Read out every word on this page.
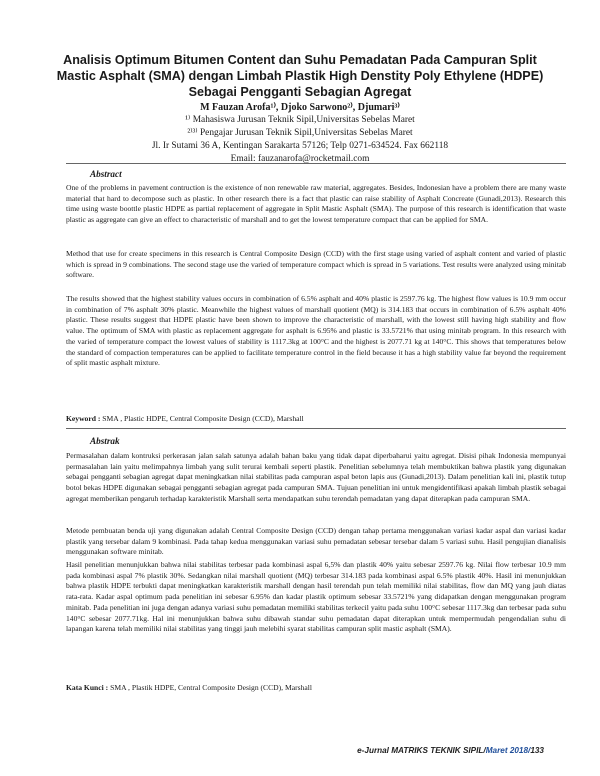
Analisis Optimum Bitumen Content dan Suhu Pemadatan Pada Campuran Split Mastic Asphalt (SMA) dengan Limbah Plastik High Denstity Poly Ethylene (HDPE) Sebagai Pengganti Sebagian Agregat
M Fauzan Arofa¹⁾, Djoko Sarwono²⁾, Djumari³⁾
¹⁾ Mahasiswa Jurusan Teknik Sipil,Universitas Sebelas Maret
²⁾³⁾ Pengajar Jurusan Teknik Sipil,Universitas Sebelas Maret
Jl. Ir Sutami 36 A, Kentingan Sarakarta 57126; Telp 0271-634524. Fax 662118
Email: fauzanarofa@rocketmail.com
Abstract

One of the problems in pavement contruction is the existence of non renewable raw material, aggregates. Besides, Indonesian have a problem there are many waste material that hard to decompose such as plastic. In other research there is a fact that plastic can raise stability of Asphalt Concreate (Gunadi,2013). Research this time using waste boottle plastic HDPE as partial replacement of aggregate in Split Mastic Asphalt (SMA). The purpose of this research is identification that waste plastic as aggregate can give an effect to characteristic of marshall and to get the lowest temperature compact that can be applied for SMA.

Method that use for create specimens in this research is Central Composite Design (CCD) with the first stage using varied of asphalt content and varied of plastic which is spread in 9 combinations. The second stage use the varied of temperature compact which is spread in 5 variations. Test results were analyzed using minitab software.

The results showed that the highest stability values occurs in combination of 6.5% asphalt and 40% plastic is 2597.76 kg. The highest flow values is 10.9 mm occur in combination of 7% asphalt 30% plastic. Meanwhile the highest values of marshall quotient (MQ) is 314.183 that occurs in combination of 6.5% asphalt 40% plastic. These results suggest that HDPE plastic have been shown to improve the characteristic of marshall, with the lowest still having high stability and flow value. The optimum of SMA with plastic as replacement aggregate for asphalt is 6.95% and plastic is 33.5721% that using minitab program. In this research with the varied of temperature compact the lowest values of stability is 1117.3kg at 100°C and the highest is 2077.71 kg at 140°C. This shows that temperatures below the standard of compaction temperatures can be applied to facilitate temperature control in the field because it has a high stability value far beyond the requirement of split mastic asphalt mixture.

Keyword : SMA , Plastic HDPE, Central Composite Design (CCD), Marshall

Abstrak

Permasalahan dalam kontruksi perkerasan jalan salah satunya adalah bahan baku yang tidak dapat diperbaharui yaitu agregat. Disisi pihak Indonesia mempunyai permasalahan lain yaitu melimpahnya limbah yang sulit terurai kembali seperti plastik. Penelitian sebelumnya telah membuktikan bahwa plastik yang digunakan sebagai pengganti sebagian agregat dapat meningkatkan nilai stabilitas pada campuran aspal beton lapis aus (Gunadi,2013). Dalam penelitian kali ini, plastik tutup botol bekas HDPE digunakan sebagai pengganti sebagian agregat pada campuran SMA. Tujuan penelitian ini untuk mengidentifikasi apakah limbah plastik sebagai agregat memberikan pengaruh terhadap karakteristik Marshall serta mendapatkan suhu terendah pemadatan yang dapat diterapkan pada campuran SMA.

Metode pembuatan benda uji yang digunakan adalah Central Composite Design (CCD) dengan tahap pertama menggunakan variasi kadar aspal dan variasi kadar plastik yang tersebar dalam 9 kombinasi. Pada tahap kedua menggunakan variasi suhu pemadatan sebesar tersebar dalam 5 variasi suhu. Hasil pengujian dianalisis menggunakan software minitab.

Hasil penelitian menunjukkan bahwa nilai stabilitas terbesar pada kombinasi aspal 6,5% dan plastik 40% yaitu sebesar 2597.76 kg. Nilai flow terbesar 10.9 mm pada kombinasi aspal 7% plastik 30%. Sedangkan nilai marshall quotient (MQ) terbesar 314.183 pada kombinasi aspal 6.5% plastik 40%. Hasil ini menunjukkan bahwa plastik HDPE terbukti dapat meningkatkan karakteristik marshall dengan hasil terendah pun telah memiliki nilai stabilitas, flow dan MQ yang jauh diatas rata-rata. Kadar aspal optimum pada penelitian ini sebesar 6.95% dan kadar plastik optimum sebesar 33.5721% yang didapatkan dengan menggunakan program minitab. Pada penelitian ini juga dengan adanya variasi suhu pemadatan memiliki stabilitas terkecil yaitu pada suhu 100°C sebesar 1117.3kg dan terbesar pada suhu 140°C sebesar 2077.71kg. Hal ini menunjukkan bahwa suhu dibawah standar suhu pemadatan dapat diterapkan untuk mempermudah pengendalian suhu di lapangan karena telah memiliki nilai stabilitas yang tinggi jauh melebihi syarat stabilitas campuran split mastic asphalt (SMA).

Kata Kunci : SMA , Plastik HDPE, Central Composite Design (CCD), Marshall

e-Jurnal MATRIKS TEKNIK SIPIL/Maret 2018/133
